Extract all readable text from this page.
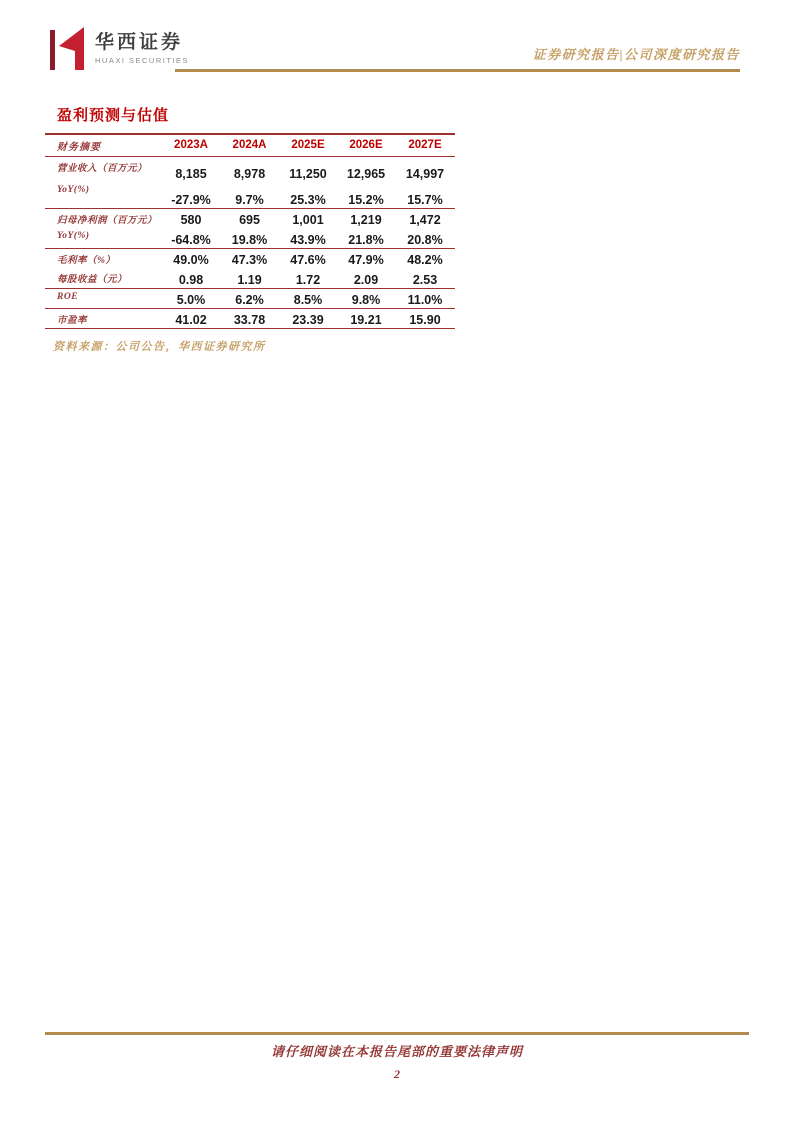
华西证券
HUAXI SECURITIES	证券研究报告|公司深度研究报告
盈利预测与估值
财务摘要	2023A	2024A	2025E	2026E	2027E
营业收入（百万元）	8,185	8,978	11,250	12,965	14,997
YoY(%)	-27.9%	9.7%	25.3%	15.2%	15.7%
归母净利润（百万元）	580	695	1,001	1,219	1,472
YoY(%)	-64.8%	19.8%	43.9%	21.8%	20.8%
毛利率（%）	49.0%	47.3%	47.6%	47.9%	48.2%
每股收益（元）	0.98	1.19	1.72	2.09	2.53
ROE	5.0%	6.2%	8.5%	9.8%	11.0%
市盈率	41.02	33.78	23.39	19.21	15.90
资料来源：公司公告，华西证券研究所
请仔细阅读在本报告尾部的重要法律声明
2
